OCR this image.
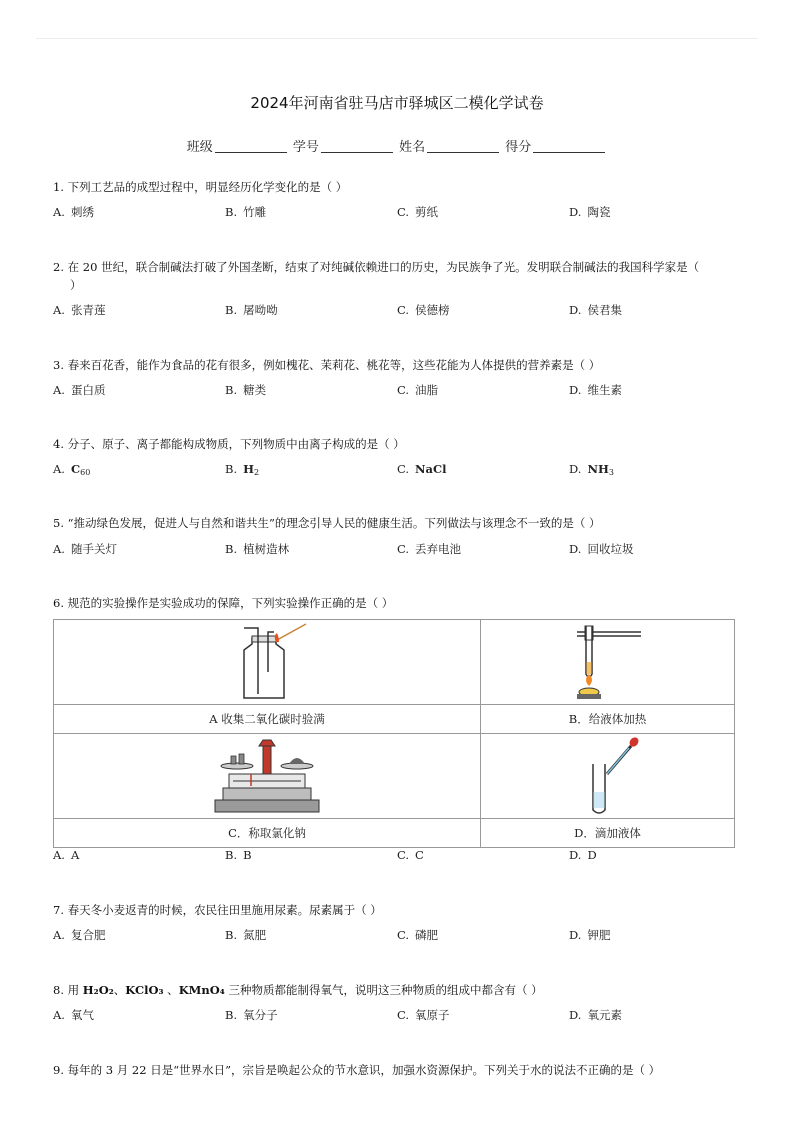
2024年河南省驻马店市驿城区二模化学试卷
班级	学号	姓名	得分
1. 下列工艺品的成型过程中，明显经历化学变化的是（ ）
A. 刺绣	B. 竹雕	C. 剪纸	D. 陶瓷
2. 在 20 世纪，联合制碱法打破了外国垄断，结束了对纯碱依赖进口的历史，为民族争了光。发明联合制碱法的我国科学家是（
）
A. 张青莲	B. 屠呦呦	C. 侯德榜	D. 侯君集
3. 春来百花香，能作为食品的花有很多，例如槐花、茉莉花、桃花等，这些花能为人体提供的营养素是（ ）
A. 蛋白质	B. 糖类	C. 油脂	D. 维生素
4. 分子、原子、离子都能构成物质，下列物质中由离子构成的是（ ）
A. $C_{60}$	B. $H_2$	C. NaCl	D. $NH_3$
5. “推动绿色发展，促进人与自然和谐共生”的理念引导人民的健康生活。下列做法与该理念不一致的是（ ）
A. 随手关灯	B. 植树造林	C. 丢弃电池	D. 回收垃圾
6. 规范的实验操作是实验成功的保障，下列实验操作正确的是（ ）

A 收集二氧化碳时验满	B．给液体加热

C．称取氯化钠	D．滴加液体
A. A	B. B	C. C	D. D
7. 春天冬小麦返青的时候，农民往田里施用尿素。尿素属于（ ）
A. 复合肥	B. 氮肥	C. 磷肥	D. 钾肥
8. 用 H₂O₂、KClO₃ 、KMnO₄ 三种物质都能制得氧气，说明这三种物质的组成中都含有（ ）
A. 氧气	B. 氧分子	C. 氧原子	D. 氧元素
9. 每年的 3 月 22 日是“世界水日”，宗旨是唤起公众的节水意识，加强水资源保护。下列关于水的说法不正确的是（ ）
